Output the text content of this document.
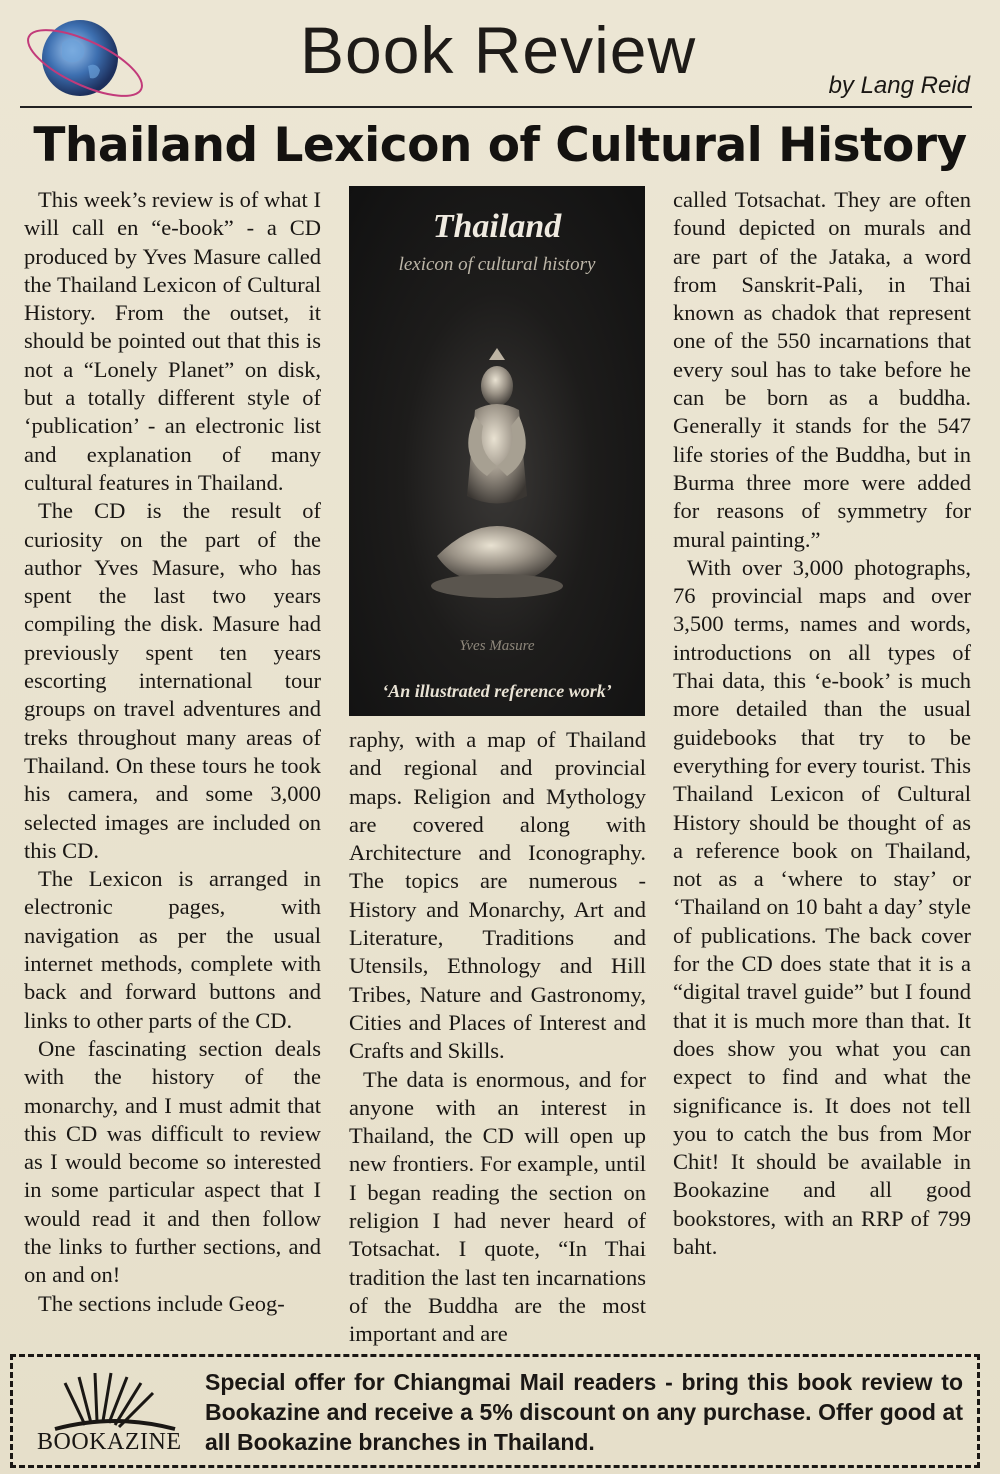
Book Review	by Lang Reid
Thailand Lexicon of Cultural History

This week’s review is of what I will call en “e-book” - a CD produced by Yves Masure called the Thailand Lexicon of Cultural History. From the outset, it should be pointed out that this is not a “Lonely Planet” on disk, but a totally different style of ‘publication’ - an electronic list and explanation of many cultural features in Thailand.

The CD is the result of curiosity on the part of the author Yves Masure, who has spent the last two years compiling the disk. Masure had previously spent ten years escorting international tour groups on travel adventures and treks throughout many areas of Thailand. On these tours he took his camera, and some 3,000 selected images are included on this CD.

The Lexicon is arranged in electronic pages, with navigation as per the usual internet methods, complete with back and forward buttons and links to other parts of the CD.

One fascinating section deals with the history of the monarchy, and I must admit that this CD was difficult to review as I would become so interested in some particular aspect that I would read it and then follow the links to further sections, and on and on!

The sections include Geog-

Thailand
lexicon of cultural history
Yves Masure
‘An illustrated reference work’

raphy, with a map of Thailand and regional and provincial maps. Religion and Mythology are covered along with Architecture and Iconography. The topics are numerous - History and Monarchy, Art and Literature, Traditions and Utensils, Ethnology and Hill Tribes, Nature and Gastronomy, Cities and Places of Interest and Crafts and Skills.

The data is enormous, and for anyone with an interest in Thailand, the CD will open up new frontiers. For example, until I began reading the section on religion I had never heard of Totsachat. I quote, “In Thai tradition the last ten incarnations of the Buddha are the most important and are

called Totsachat. They are often found depicted on murals and are part of the Jataka, a word from Sanskrit-Pali, in Thai known as chadok that represent one of the 550 incarnations that every soul has to take before he can be born as a buddha. Generally it stands for the 547 life stories of the Buddha, but in Burma three more were added for reasons of symmetry for mural painting.”

With over 3,000 photographs, 76 provincial maps and over 3,500 terms, names and words, introductions on all types of Thai data, this ‘e-book’ is much more detailed than the usual guidebooks that try to be everything for every tourist. This Thailand Lexicon of Cultural History should be thought of as a reference book on Thailand, not as a ‘where to stay’ or ‘Thailand on 10 baht a day’ style of publications. The back cover for the CD does state that it is a “digital travel guide” but I found that it is much more than that. It does show you what you can expect to find and what the significance is. It does not tell you to catch the bus from Mor Chit! It should be available in Bookazine and all good bookstores, with an RRP of 799 baht.

BOOKAZINE
Special offer for Chiangmai Mail readers - bring this book review to Bookazine and receive a 5% discount on any purchase. Offer good at all Bookazine branches in Thailand.
